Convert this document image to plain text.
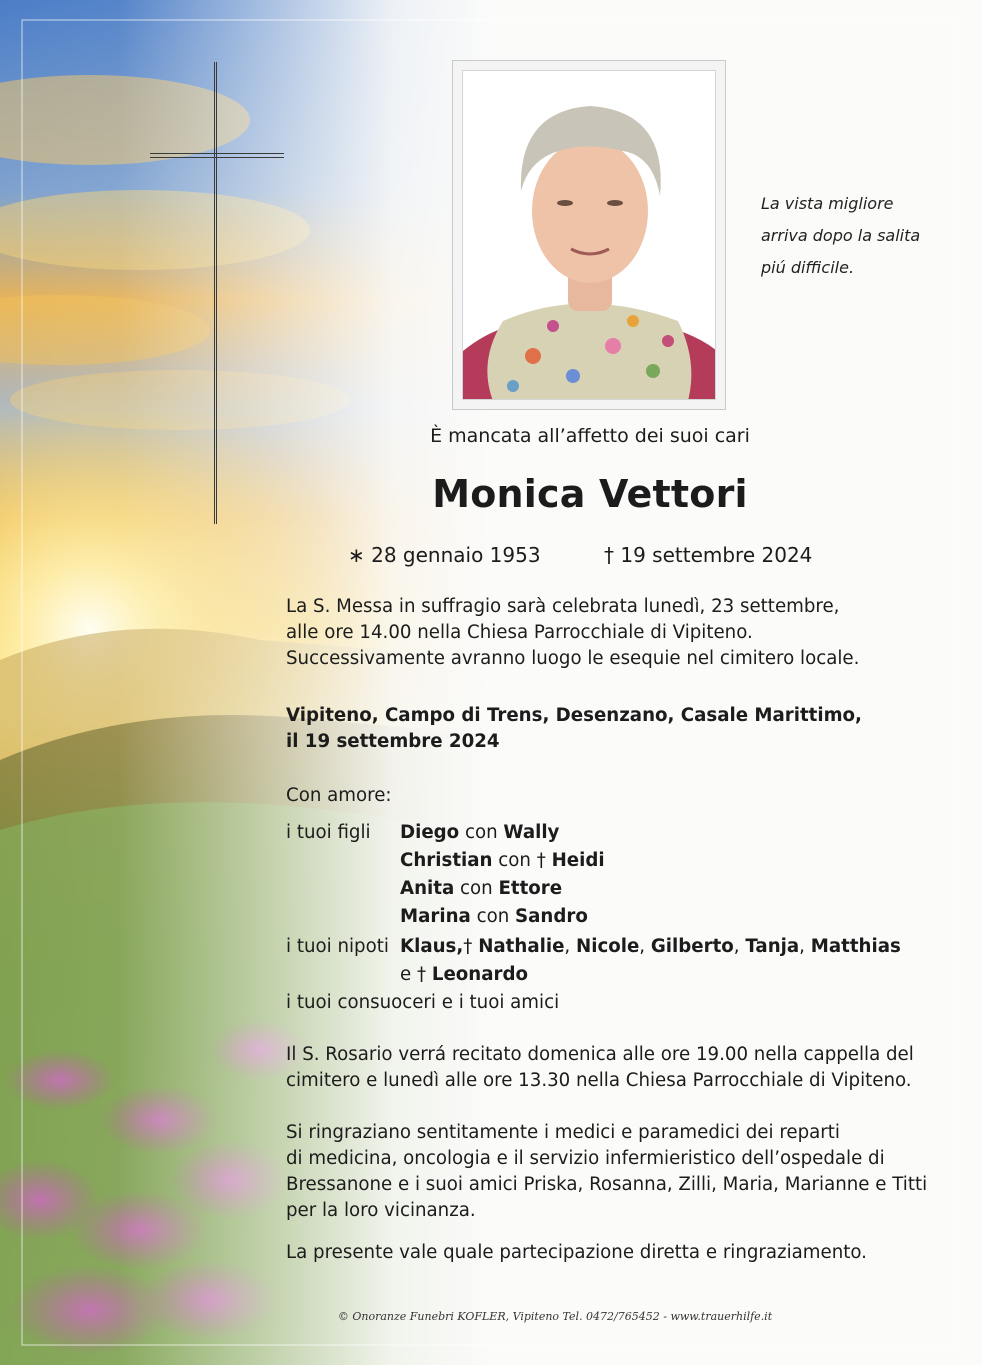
La vista migliore
arriva dopo la salita
piú difficile.
È mancata all’affetto dei suoi cari
Monica Vettori
∗ 28 gennaio 1953	† 19 settembre 2024
La S. Messa in suffragio sarà celebrata lunedì, 23 settembre,
alle ore 14.00 nella Chiesa Parrocchiale di Vipiteno.
Successivamente avranno luogo le esequie nel cimitero locale.
Vipiteno, Campo di Trens, Desenzano, Casale Marittimo,
il 19 settembre 2024
Con amore:
i tuoi figli Diego con Wally
Christian con † Heidi
Anita con Ettore
Marina con Sandro
i tuoi nipoti Klaus,† Nathalie, Nicole, Gilberto, Tanja, Matthias
e † Leonardo
i tuoi consuoceri e i tuoi amici
Il S. Rosario verrá recitato domenica alle ore 19.00 nella cappella del
cimitero e lunedì alle ore 13.30 nella Chiesa Parrocchiale di Vipiteno.
Si ringraziano sentitamente i medici e paramedici dei reparti
di medicina, oncologia e il servizio infermieristico dell’ospedale di
Bressanone e i suoi amici Priska, Rosanna, Zilli, Maria, Marianne e Titti
per la loro vicinanza.
La presente vale quale partecipazione diretta e ringraziamento.
© Onoranze Funebri KOFLER, Vipiteno Tel. 0472/765452 - www.trauerhilfe.it
